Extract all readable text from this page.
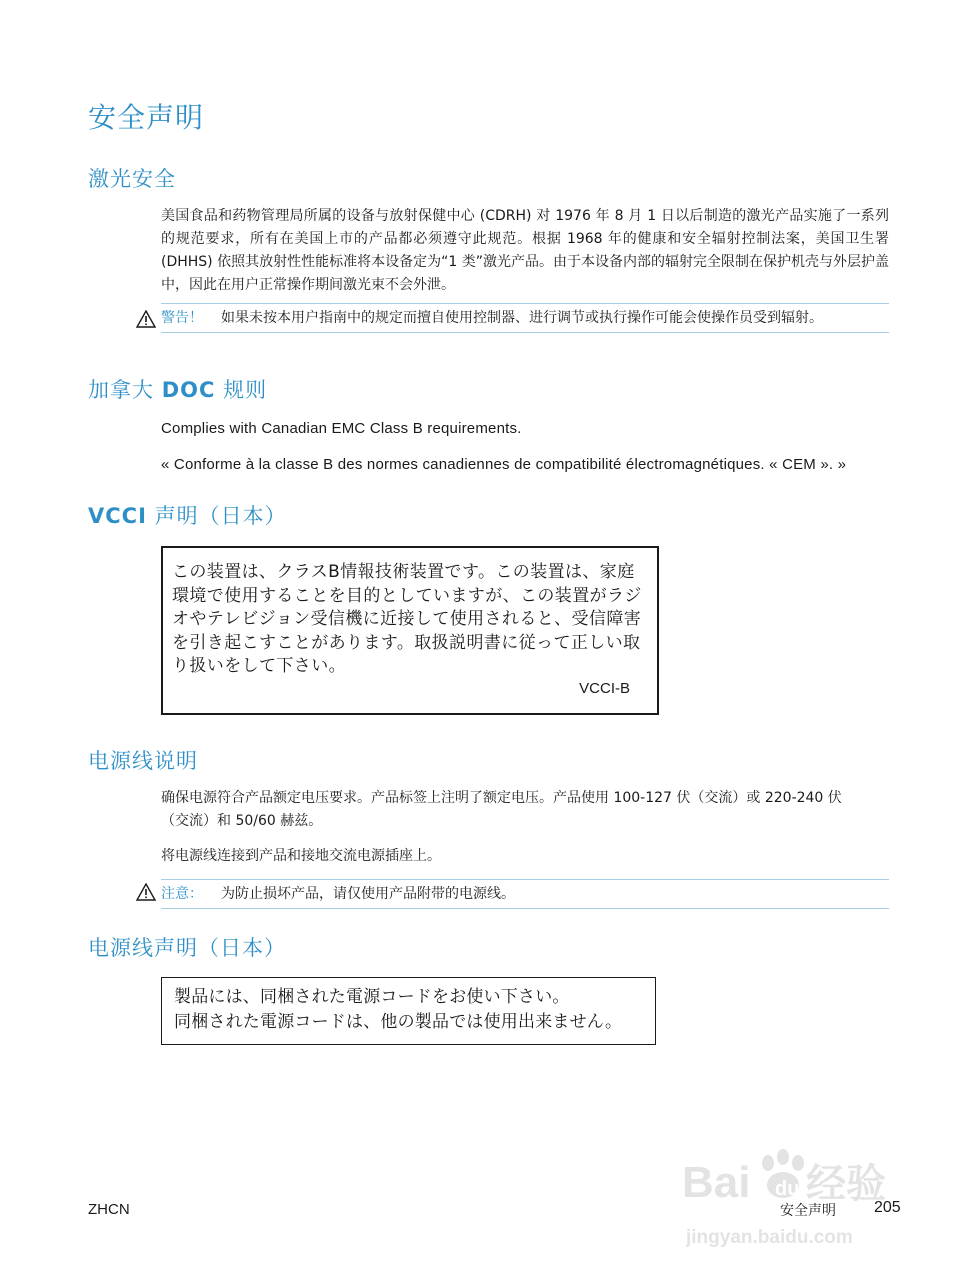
安全声明
激光安全
美国食品和药物管理局所属的设备与放射保健中心 (CDRH) 对 1976 年 8 月 1 日以后制造的激光产品实施了一系列的规范要求，所有在美国上市的产品都必须遵守此规范。根据 1968 年的健康和安全辐射控制法案，美国卫生署 (DHHS) 依照其放射性性能标准将本设备定为“1 类”激光产品。由于本设备内部的辐射完全限制在保护机壳与外层护盖中，因此在用户正常操作期间激光束不会外泄。
警告！ 如果未按本用户指南中的规定而擅自使用控制器、进行调节或执行操作可能会使操作员受到辐射。
加拿大 DOC 规则
Complies with Canadian EMC Class B requirements.
« Conforme à la classe B des normes canadiennes de compatibilité électromagnétiques. « CEM ». »
VCCI 声明（日本）
この装置は、クラスB情報技術装置です。この装置は、家庭環境で使用することを目的としていますが、この装置がラジオやテレビジョン受信機に近接して使用されると、受信障害を引き起こすことがあります。取扱説明書に従って正しい取り扱いをして下さい。
VCCI-B
电源线说明
确保电源符合产品额定电压要求。产品标签上注明了额定电压。产品使用 100-127 伏（交流）或 220-240 伏（交流）和 50/60 赫兹。
将电源线连接到产品和接地交流电源插座上。
注意： 为防止损坏产品，请仅使用产品附带的电源线。
电源线声明（日本）
製品には、同梱された電源コードをお使い下さい。
同梱された電源コードは、他の製品では使用出来ません。
Bai du 经验
jingyan.baidu.com
ZHCN	安全声明 205
